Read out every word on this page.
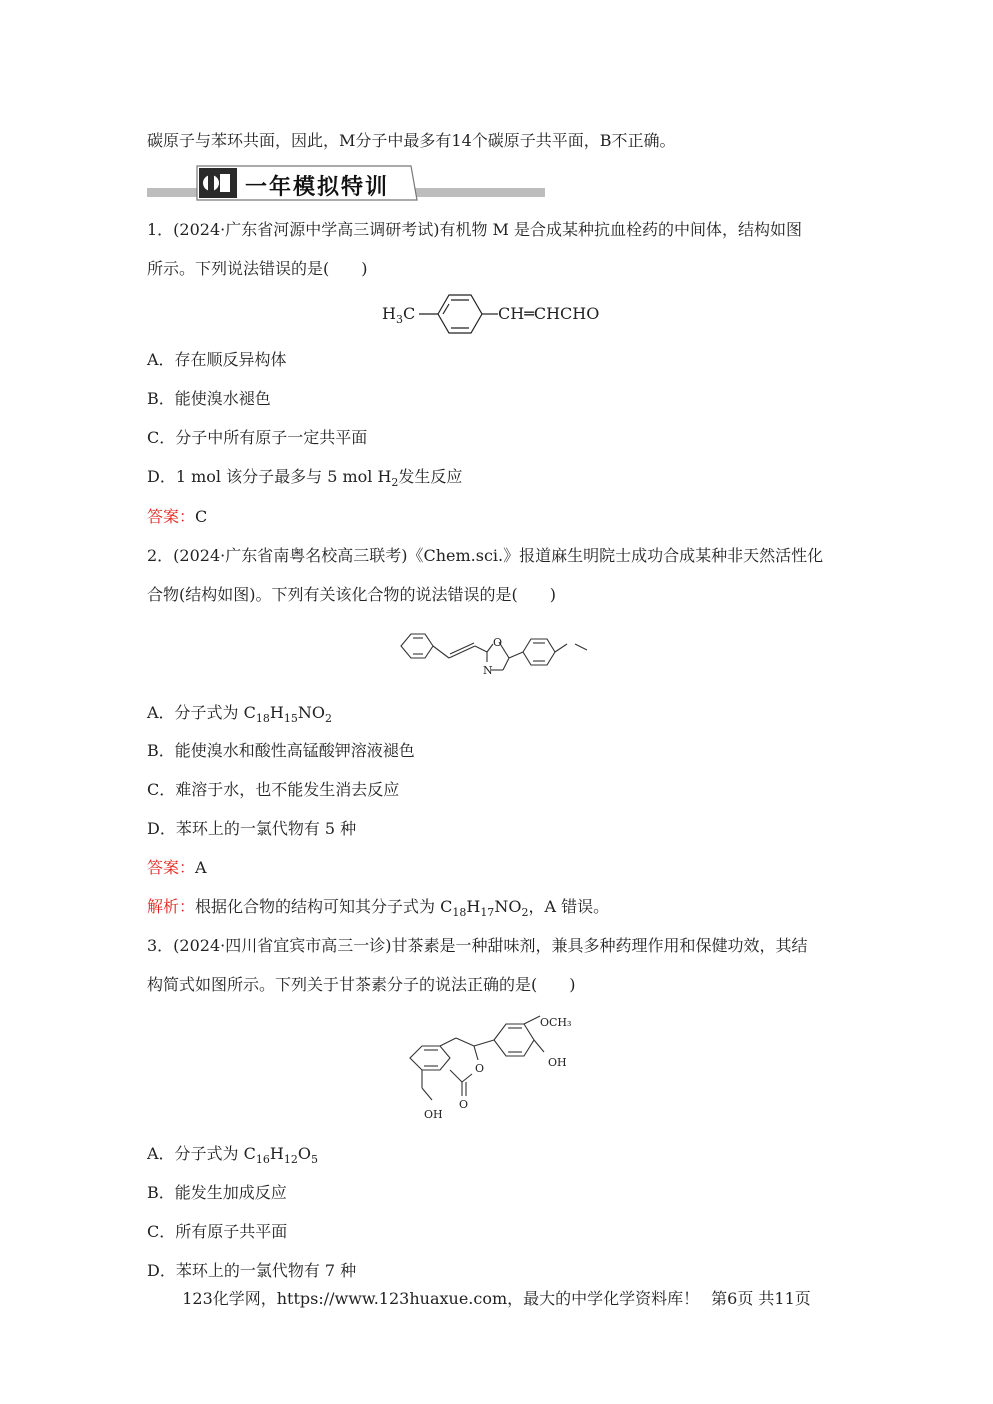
碳原子与苯环共面，因此，M分子中最多有14个碳原子共平面，B不正确。
一年模拟特训
1．(2024·广东省河源中学高三调研考试)有机物 M 是合成某种抗血栓药的中间体，结构如图
所示。下列说法错误的是(　　)
$H_3C$	CH═CHCHO
A．存在顺反异构体
B．能使溴水褪色
C．分子中所有原子一定共平面
D．1 mol 该分子最多与 5 mol $H_2$发生反应
答案：C
2．(2024·广东省南粤名校高三联考)《Chem.sci.》报道麻生明院士成功合成某种非天然活性化
合物(结构如图)。下列有关该化合物的说法错误的是(　　)
O
N
A．分子式为 $C_{18}H_{15}NO_2$
B．能使溴水和酸性高锰酸钾溶液褪色
C．难溶于水，也不能发生消去反应
D．苯环上的一氯代物有 5 种
答案：A
解析：根据化合物的结构可知其分子式为 $C_{18}H_{17}NO_2$，A 错误。
3．(2024·四川省宜宾市高三一诊)甘茶素是一种甜味剂，兼具多种药理作用和保健功效，其结
构简式如图所示。下列关于甘茶素分子的说法正确的是(　　)
OCH₃
OH
O
OH
O
A．分子式为 $C_{16}H_{12}O_5$
B．能发生加成反应
C．所有原子共平面
D．苯环上的一氯代物有 7 种
123化学网，https://www.123huaxue.com，最大的中学化学资料库！ 第6页 共11页
